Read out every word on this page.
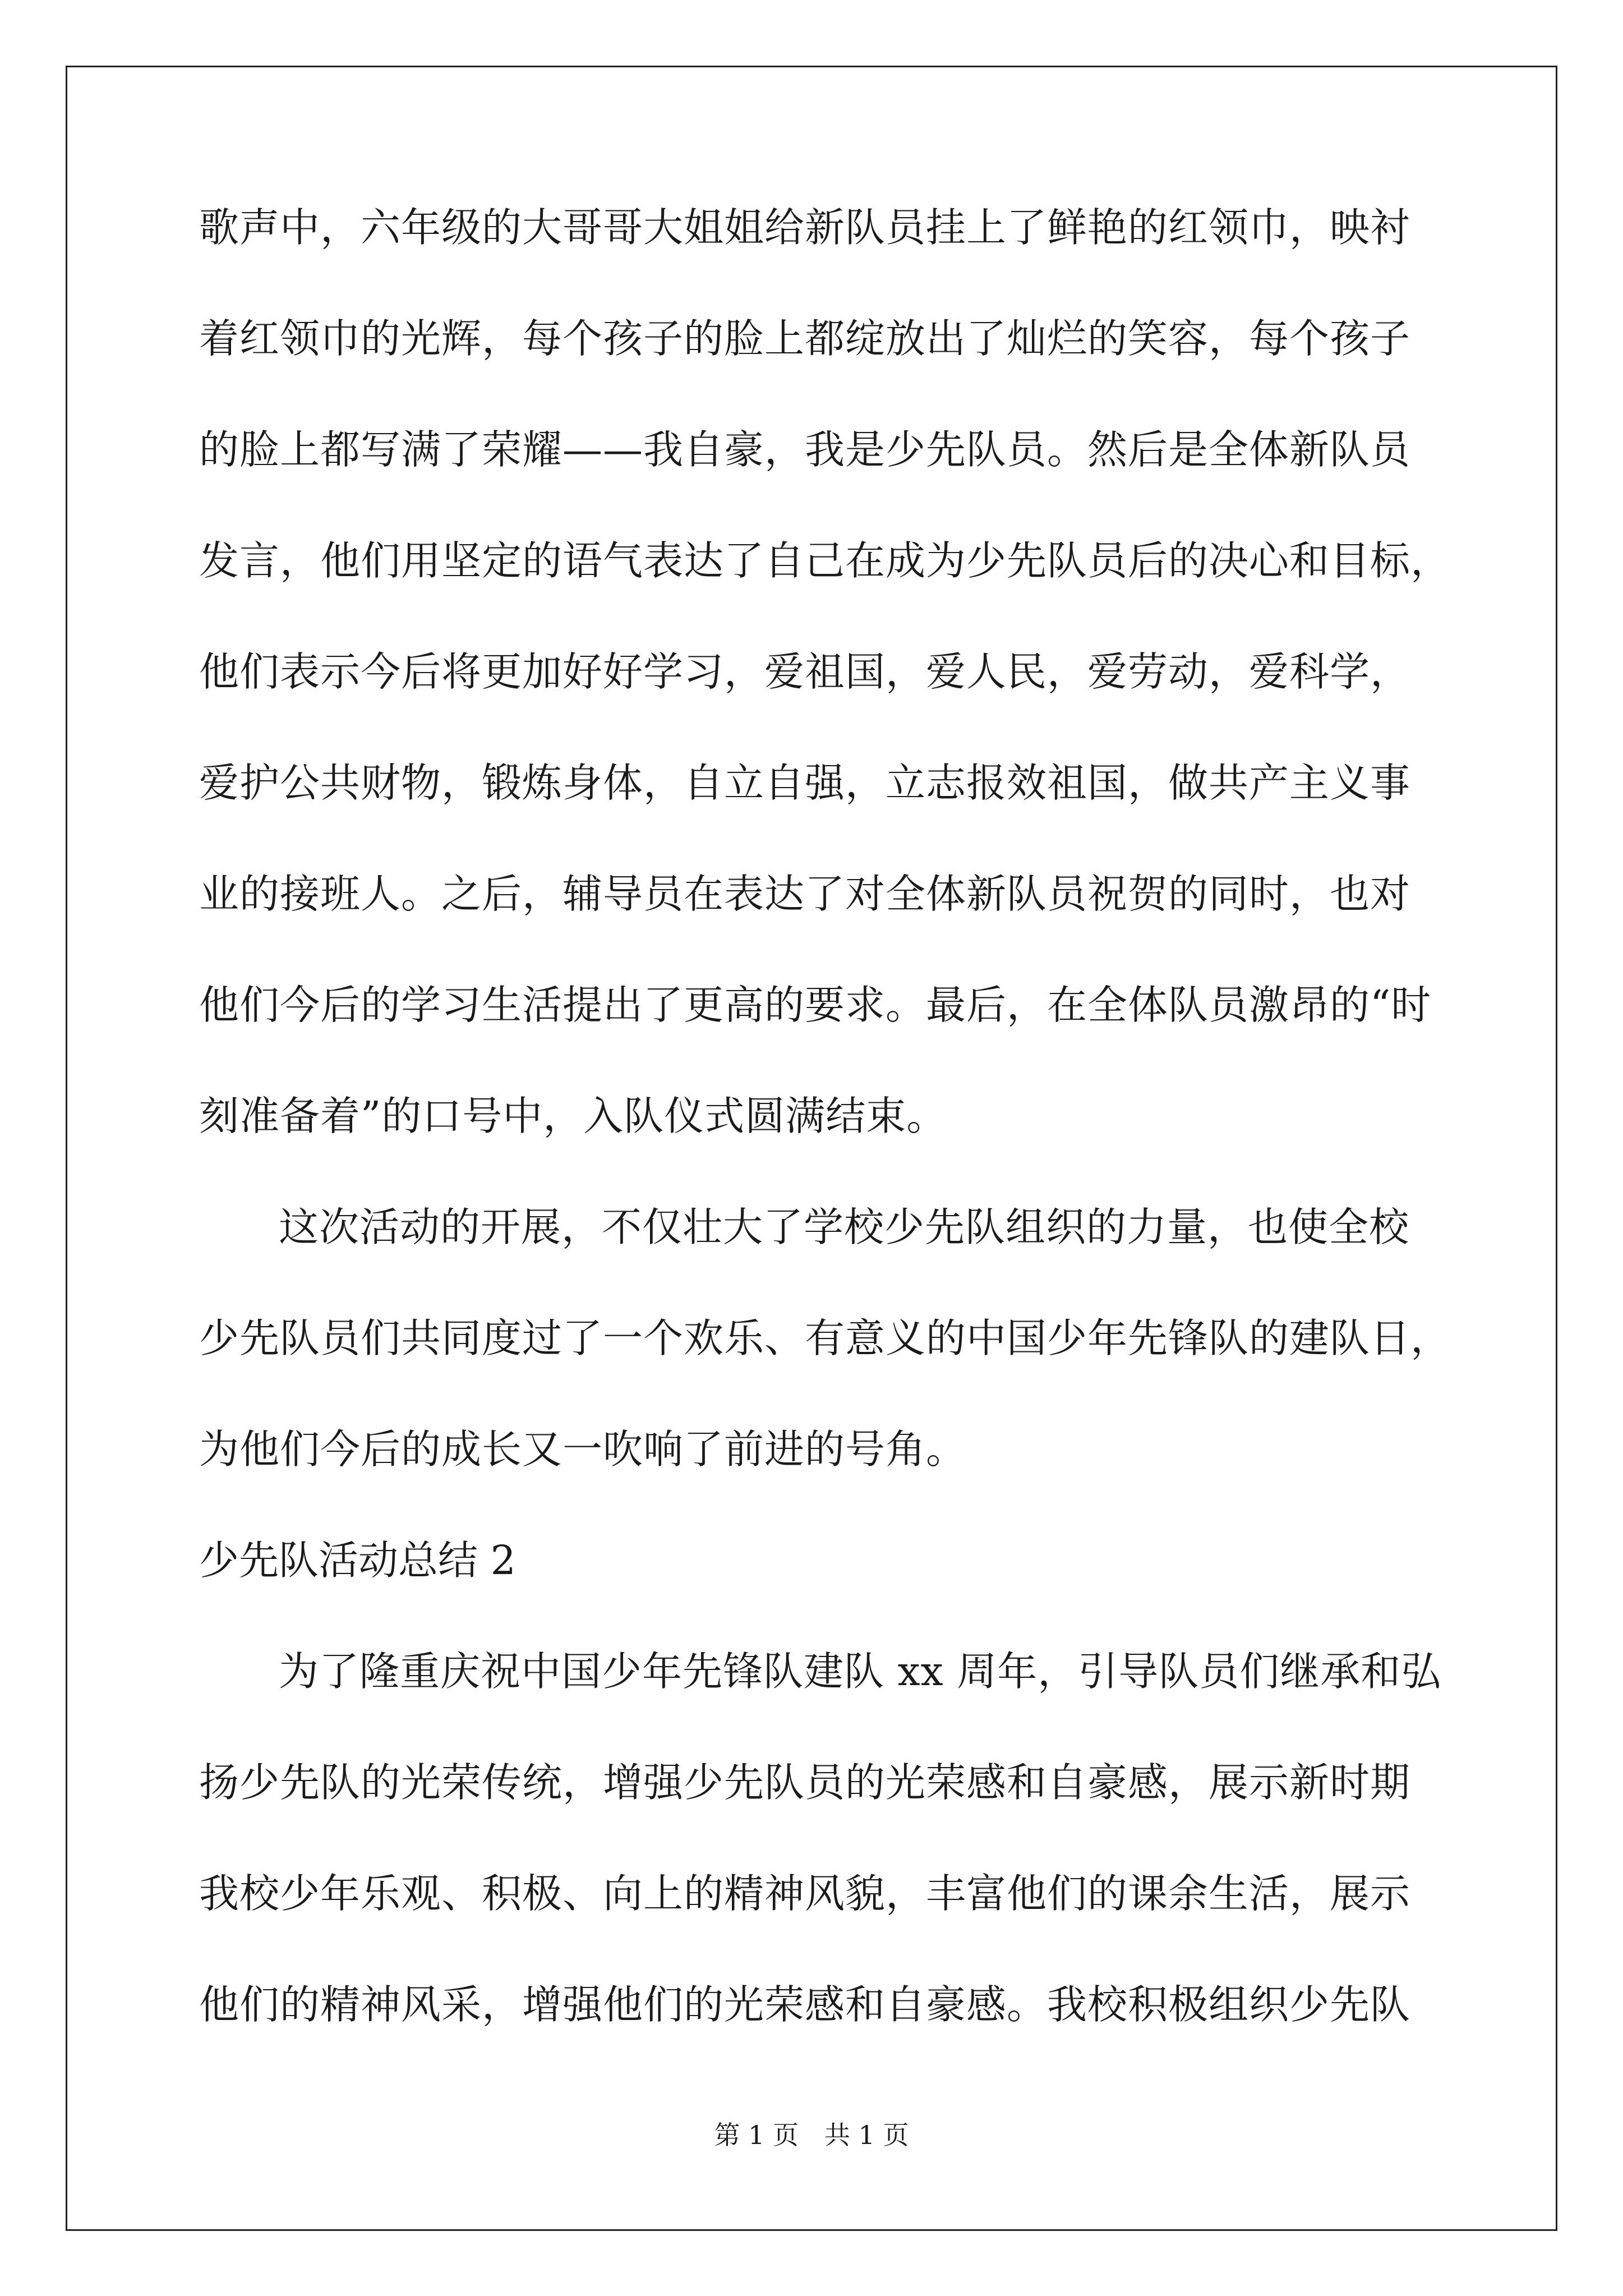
歌声中，六年级的大哥哥大姐姐给新队员挂上了鲜艳的红领巾，映衬
着红领巾的光辉，每个孩子的脸上都绽放出了灿烂的笑容，每个孩子
的脸上都写满了荣耀——我自豪，我是少先队员。然后是全体新队员
发言，他们用坚定的语气表达了自己在成为少先队员后的决心和目标，
他们表示今后将更加好好学习，爱祖国，爱人民，爱劳动，爱科学，
爱护公共财物，锻炼身体，自立自强，立志报效祖国，做共产主义事
业的接班人。之后，辅导员在表达了对全体新队员祝贺的同时，也对
他们今后的学习生活提出了更高的要求。最后，在全体队员激昂的“时
刻准备着”的口号中，入队仪式圆满结束。
这次活动的开展，不仅壮大了学校少先队组织的力量，也使全校
少先队员们共同度过了一个欢乐、有意义的中国少年先锋队的建队日，
为他们今后的成长又一吹响了前进的号角。
少先队活动总结 2
为了隆重庆祝中国少年先锋队建队 xx 周年，引导队员们继承和弘
扬少先队的光荣传统，增强少先队员的光荣感和自豪感，展示新时期
我校少年乐观、积极、向上的精神风貌，丰富他们的课余生活，展示
他们的精神风采，增强他们的光荣感和自豪感。我校积极组织少先队
第 1 页　共 1 页
